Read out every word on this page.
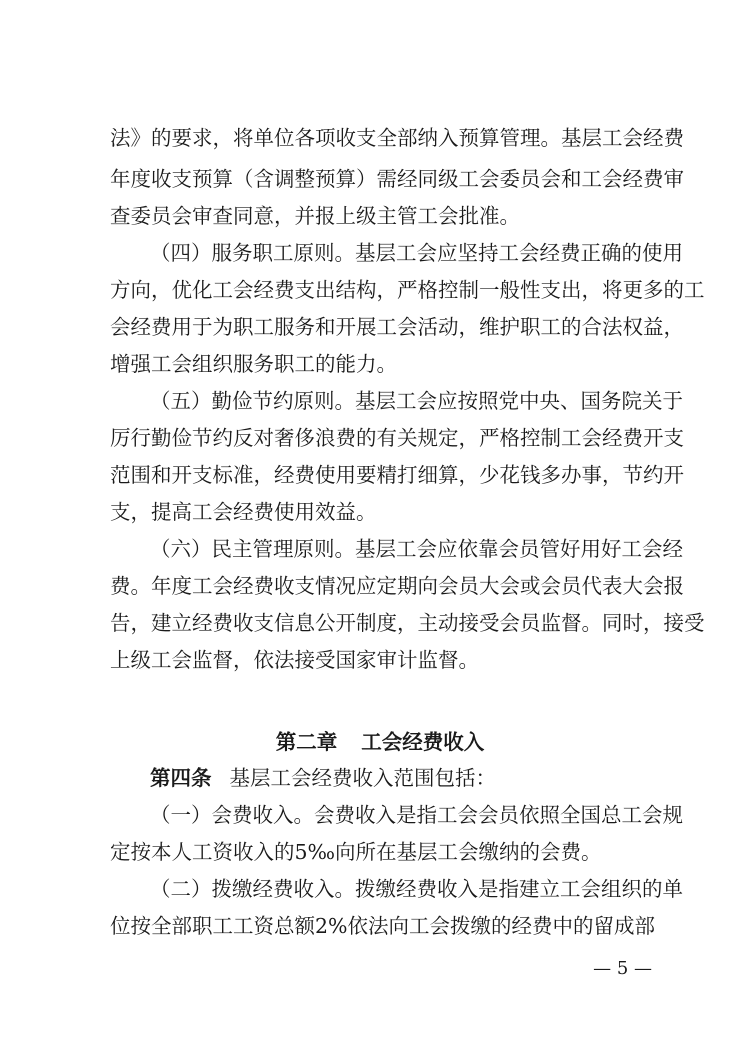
法》的要求，将单位各项收支全部纳入预算管理。基层工会经费
年度收支预算（含调整预算）需经同级工会委员会和工会经费审
查委员会审查同意，并报上级主管工会批准。
（四）服务职工原则。基层工会应坚持工会经费正确的使用
方向，优化工会经费支出结构，严格控制一般性支出，将更多的工
会经费用于为职工服务和开展工会活动，维护职工的合法权益，
增强工会组织服务职工的能力。
（五）勤俭节约原则。基层工会应按照党中央、国务院关于
厉行勤俭节约反对奢侈浪费的有关规定，严格控制工会经费开支
范围和开支标准，经费使用要精打细算，少花钱多办事，节约开
支，提高工会经费使用效益。
（六）民主管理原则。基层工会应依靠会员管好用好工会经
费。年度工会经费收支情况应定期向会员大会或会员代表大会报
告，建立经费收支信息公开制度，主动接受会员监督。同时，接受
上级工会监督，依法接受国家审计监督。
第二章 工会经费收入
第四条 基层工会经费收入范围包括：
（一）会费收入。会费收入是指工会会员依照全国总工会规
定按本人工资收入的5‰向所在基层工会缴纳的会费。
（二）拨缴经费收入。拨缴经费收入是指建立工会组织的单
位按全部职工工资总额2%依法向工会拨缴的经费中的留成部
— 5 —
